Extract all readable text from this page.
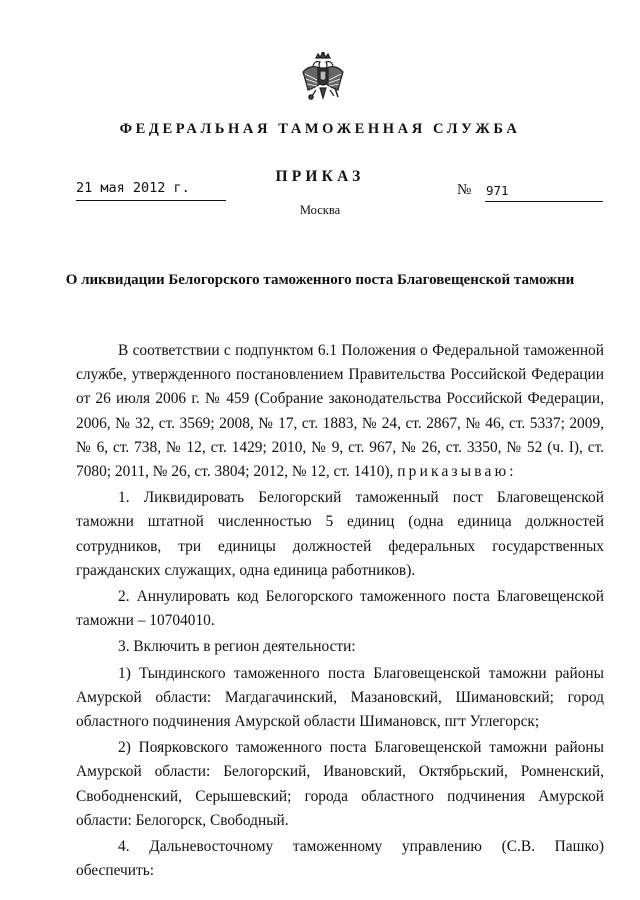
ФЕДЕРАЛЬНАЯ ТАМОЖЕННАЯ СЛУЖБА
ПРИКАЗ
21 мая 2012 г.	№ 971
Москва
О ликвидации Белогорского таможенного поста Благовещенской таможни

В соответствии с подпунктом 6.1 Положения о Федеральной таможенной службе, утвержденного постановлением Правительства Российской Федерации от 26 июля 2006 г. № 459 (Собрание законодательства Российской Федерации, 2006, № 32, ст. 3569; 2008, № 17, ст. 1883, № 24, ст. 2867, № 46, ст. 5337; 2009, № 6, ст. 738, № 12, ст. 1429; 2010, № 9, ст. 967, № 26, ст. 3350, № 52 (ч. I), ст. 7080; 2011, № 26, ст. 3804; 2012, № 12, ст. 1410), приказываю:

1. Ликвидировать Белогорский таможенный пост Благовещенской таможни штатной численностью 5 единиц (одна единица должностей сотрудников, три единицы должностей федеральных государственных гражданских служащих, одна единица работников).

2. Аннулировать код Белогорского таможенного поста Благовещенской таможни – 10704010.

3. Включить в регион деятельности:

1) Тындинского таможенного поста Благовещенской таможни районы Амурской области: Магдагачинский, Мазановский, Шимановский; город областного подчинения Амурской области Шимановск, пгт Углегорск;

2) Поярковского таможенного поста Благовещенской таможни районы Амурской области: Белогорский, Ивановский, Октябрьский, Ромненский, Свободненский, Серышевский; города областного подчинения Амурской области: Белогорск, Свободный.

4. Дальневосточному таможенному управлению (С.В. Пашко) обеспечить:
